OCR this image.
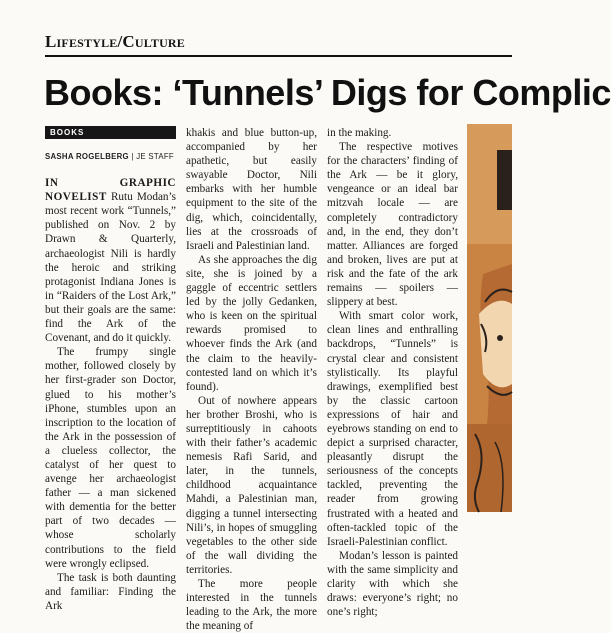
Lifestyle/Culture
Books: ‘Tunnels’ Digs for Complic
BOOKS
SASHA ROGELBERG | JE STAFF

IN GRAPHIC NOVELIST Rutu Modan’s most recent work “Tunnels,” published on Nov. 2 by Drawn & Quarterly, archaeologist Nili is hardly the heroic and striking protagonist Indiana Jones is in “Raiders of the Lost Ark,” but their goals are the same: find the Ark of the Covenant, and do it quickly.

The frumpy single mother, followed closely by her first-grader son Doctor, glued to his mother’s iPhone, stumbles upon an inscription to the location of the Ark in the possession of a clueless collector, the catalyst of her quest to avenge her archaeologist father — a man sickened with dementia for the better part of two decades — whose scholarly contributions to the field were wrongly eclipsed.

The task is both daunting and familiar: Finding the Ark

khakis and blue button-up, accompanied by her apathetic, but easily swayable Doctor, Nili embarks with her humble equipment to the site of the dig, which, coincidentally, lies at the crossroads of Israeli and Palestinian land.

As she approaches the dig site, she is joined by a gaggle of eccentric settlers led by the jolly Gedanken, who is keen on the spiritual rewards promised to whoever finds the Ark (and the claim to the heavily-contested land on which it’s found).

Out of nowhere appears her brother Broshi, who is surreptitiously in cahoots with their father’s academic nemesis Rafi Sarid, and later, in the tunnels, childhood acquaintance Mahdi, a Palestinian man, digging a tunnel intersecting Nili’s, in hopes of smuggling vegetables to the other side of the wall dividing the territories.

The more people interested in the tunnels leading to the Ark, the more the meaning of

in the making.

The respective motives for the characters’ finding of the Ark — be it glory, vengeance or an ideal bar mitzvah locale — are completely contradictory and, in the end, they don’t matter. Alliances are forged and broken, lives are put at risk and the fate of the ark remains — spoilers — slippery at best.

With smart color work, clean lines and enthralling backdrops, “Tunnels” is crystal clear and consistent stylistically. Its playful drawings, exemplified best by the classic cartoon expressions of hair and eyebrows standing on end to depict a surprised character, pleasantly disrupt the seriousness of the concepts tackled, preventing the reader from growing frustrated with a heated and often-tackled topic of the Israeli-Palestinian conflict.

Modan’s lesson is painted with the same simplicity and clarity with which she draws: everyone’s right; no one’s right;
